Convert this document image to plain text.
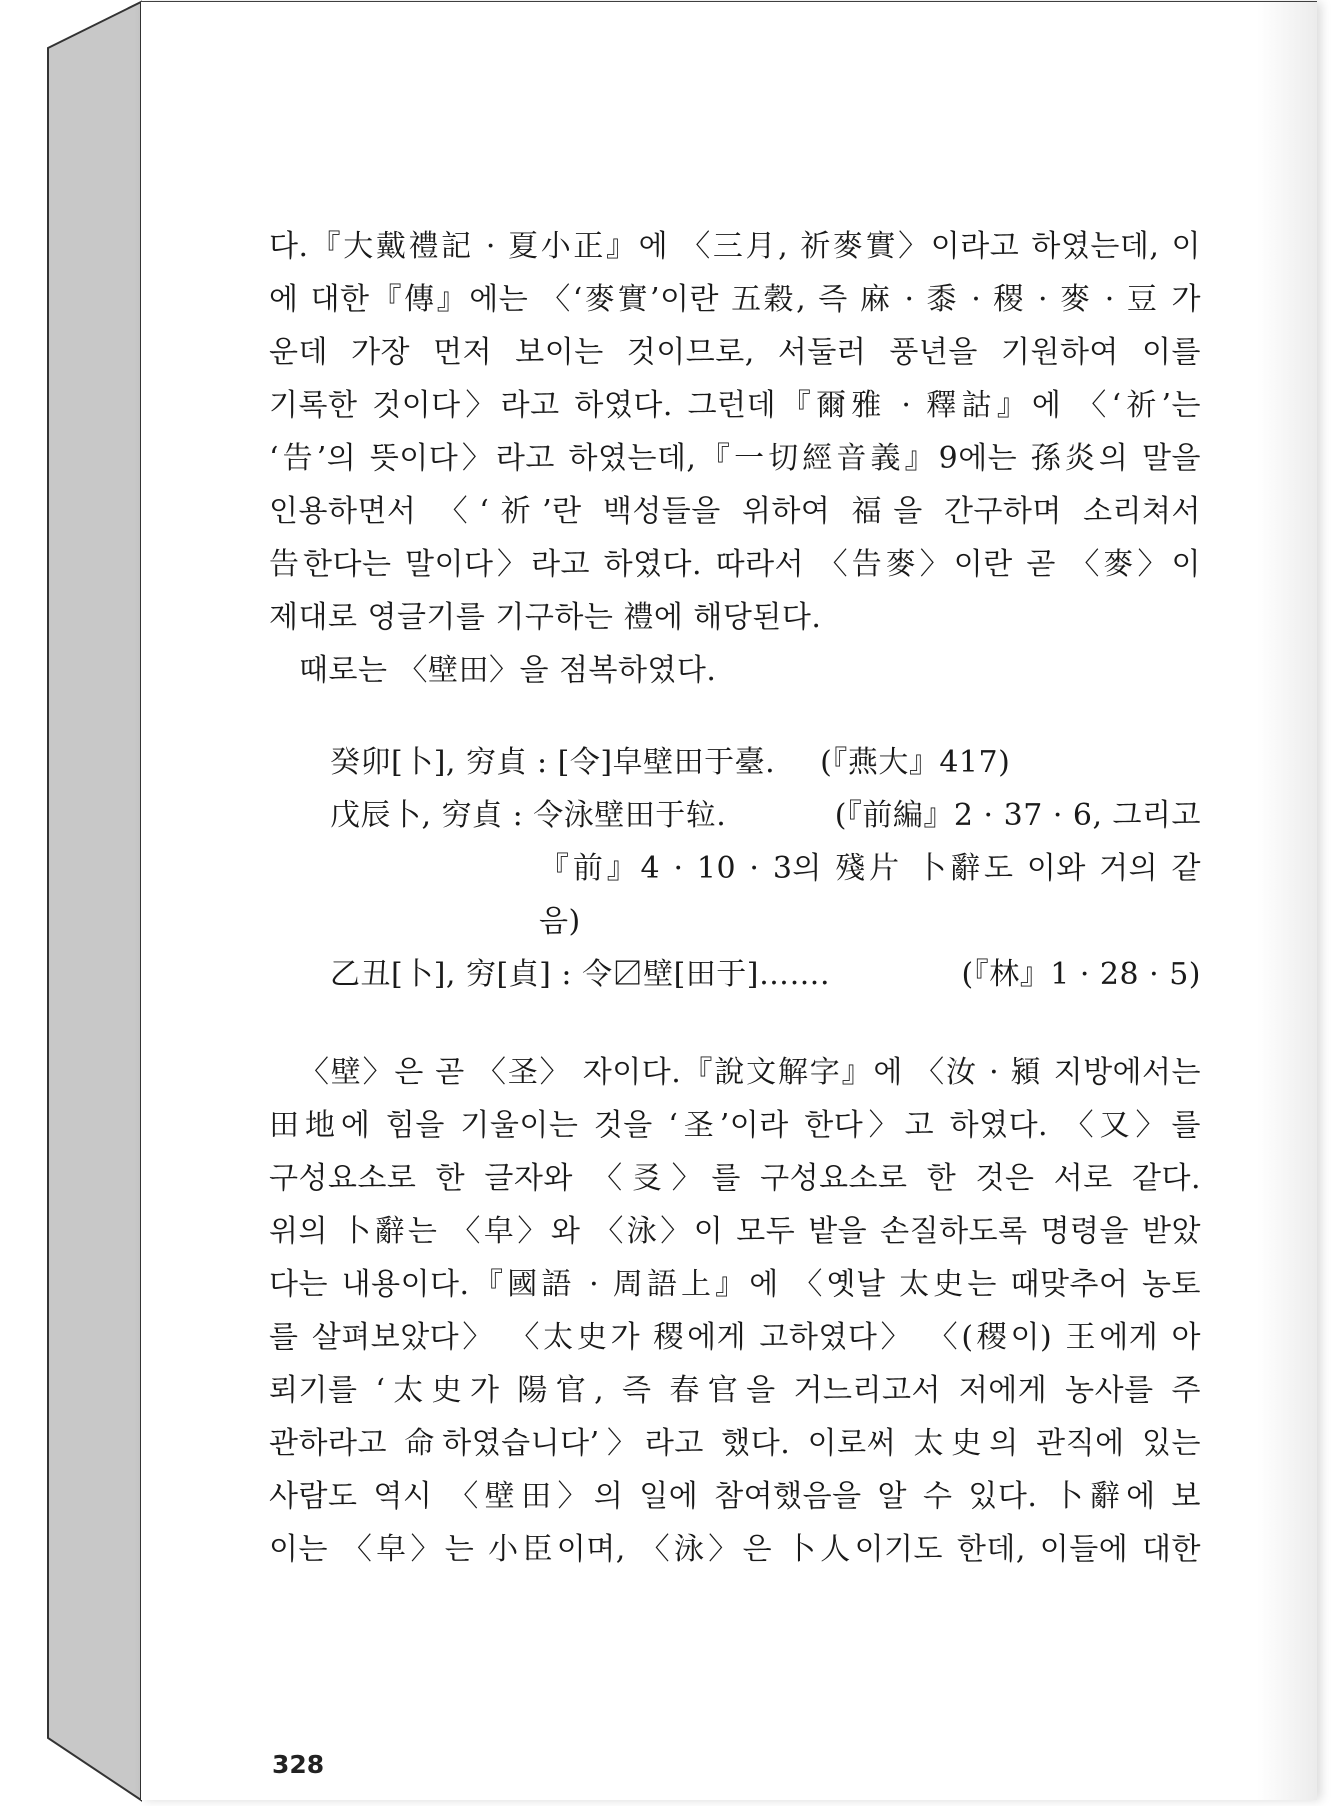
다.『大戴禮記 · 夏小正』에 〈三月, 祈麥實〉이라고 하였는데, 이
에 대한『傳』에는 〈‘麥實’이란 五穀, 즉 麻 · 黍 · 稷 · 麥 · 豆 가
운데 가장 먼저 보이는 것이므로, 서둘러 풍년을 기원하여 이를
기록한 것이다〉라고 하였다. 그런데『爾雅 · 釋詁』에 〈‘祈’는
‘告’의 뜻이다〉라고 하였는데,『一切經音義』9에는 孫炎의 말을
인용하면서 〈‘祈’란 백성들을 위하여 福을 간구하며 소리쳐서
告한다는 말이다〉라고 하였다. 따라서 〈告麥〉이란 곧 〈麥〉이
제대로 영글기를 기구하는 禮에 해당된다.

때로는 〈壁田〉을 점복하였다.

癸卯[卜], 穷貞 : [令]皁壁田于臺. (『燕大』417)
戊辰卜, 穷貞 : 令泳壁田于䢂.	(『前編』2 · 37 · 6, 그리고
『前』4 · 10 · 3의 殘片 卜辭도 이와 거의 같
음)
乙丑[卜], 穷[貞] : 令〼壁[田于]…….	(『林』1 · 28 · 5)

〈壁〉은 곧 〈圣〉 자이다.『說文解字』에 〈汝 · 潁 지방에서는
田地에 힘을 기울이는 것을 ‘圣’이라 한다〉고 하였다. 〈又〉를
구성요소로 한 글자와 〈㕛〉를 구성요소로 한 것은 서로 같다.
위의 卜辭는 〈皁〉와 〈泳〉이 모두 밭을 손질하도록 명령을 받았
다는 내용이다.『國語 · 周語上』에 〈옛날 太史는 때맞추어 농토
를 살펴보았다〉 〈太史가 稷에게 고하였다〉 〈(稷이) 王에게 아
뢰기를 ‘太史가 陽官, 즉 春官을 거느리고서 저에게 농사를 주
관하라고 命하였습니다’〉라고 했다. 이로써 太史의 관직에 있는
사람도 역시 〈壁田〉의 일에 참여했음을 알 수 있다. 卜辭에 보
이는 〈皁〉는 小臣이며, 〈泳〉은 卜人이기도 한데, 이들에 대한

328
